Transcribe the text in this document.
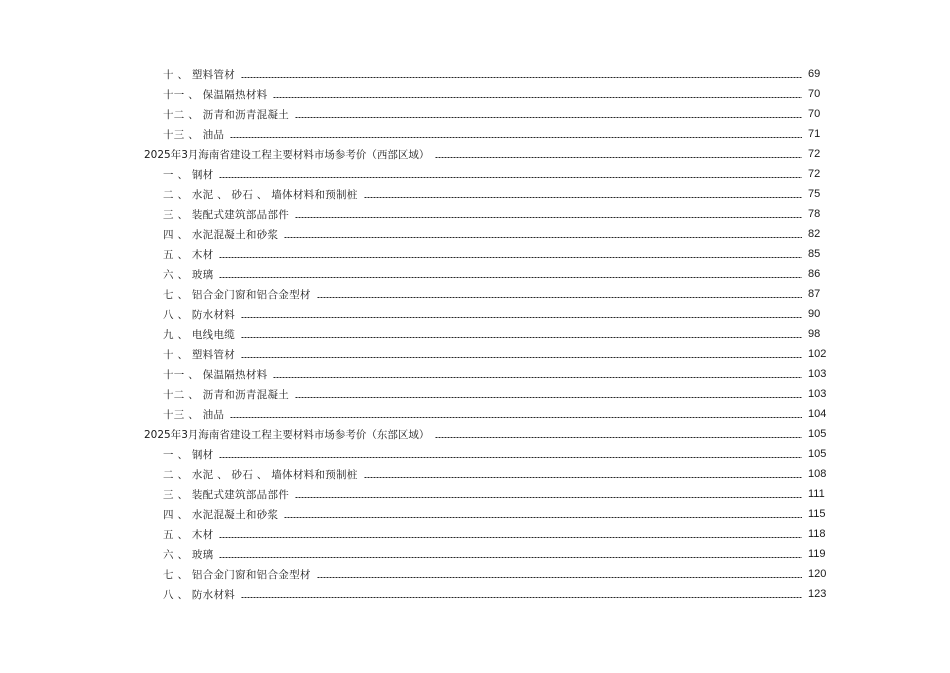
十 、 塑料管材	69
十一 、 保温隔热材料	70
十二 、 沥青和沥青混凝土	70
十三 、 油品	71
2025年3月海南省建设工程主要材料市场参考价（西部区域）	72
一 、 钢材	72
二 、 水泥 、 砂石 、 墙体材料和预制桩	75
三 、 装配式建筑部品部件	78
四 、 水泥混凝土和砂浆	82
五 、 木材	85
六 、 玻璃	86
七 、 铝合金门窗和铝合金型材	87
八 、 防水材料	90
九 、 电线电缆	98
十 、 塑料管材	102
十一 、 保温隔热材料	103
十二 、 沥青和沥青混凝土	103
十三 、 油品	104
2025年3月海南省建设工程主要材料市场参考价（东部区域）	105
一 、 钢材	105
二 、 水泥 、 砂石 、 墙体材料和预制桩	108
三 、 装配式建筑部品部件	111
四 、 水泥混凝土和砂浆	115
五 、 木材	118
六 、 玻璃	119
七 、 铝合金门窗和铝合金型材	120
八 、 防水材料	123
